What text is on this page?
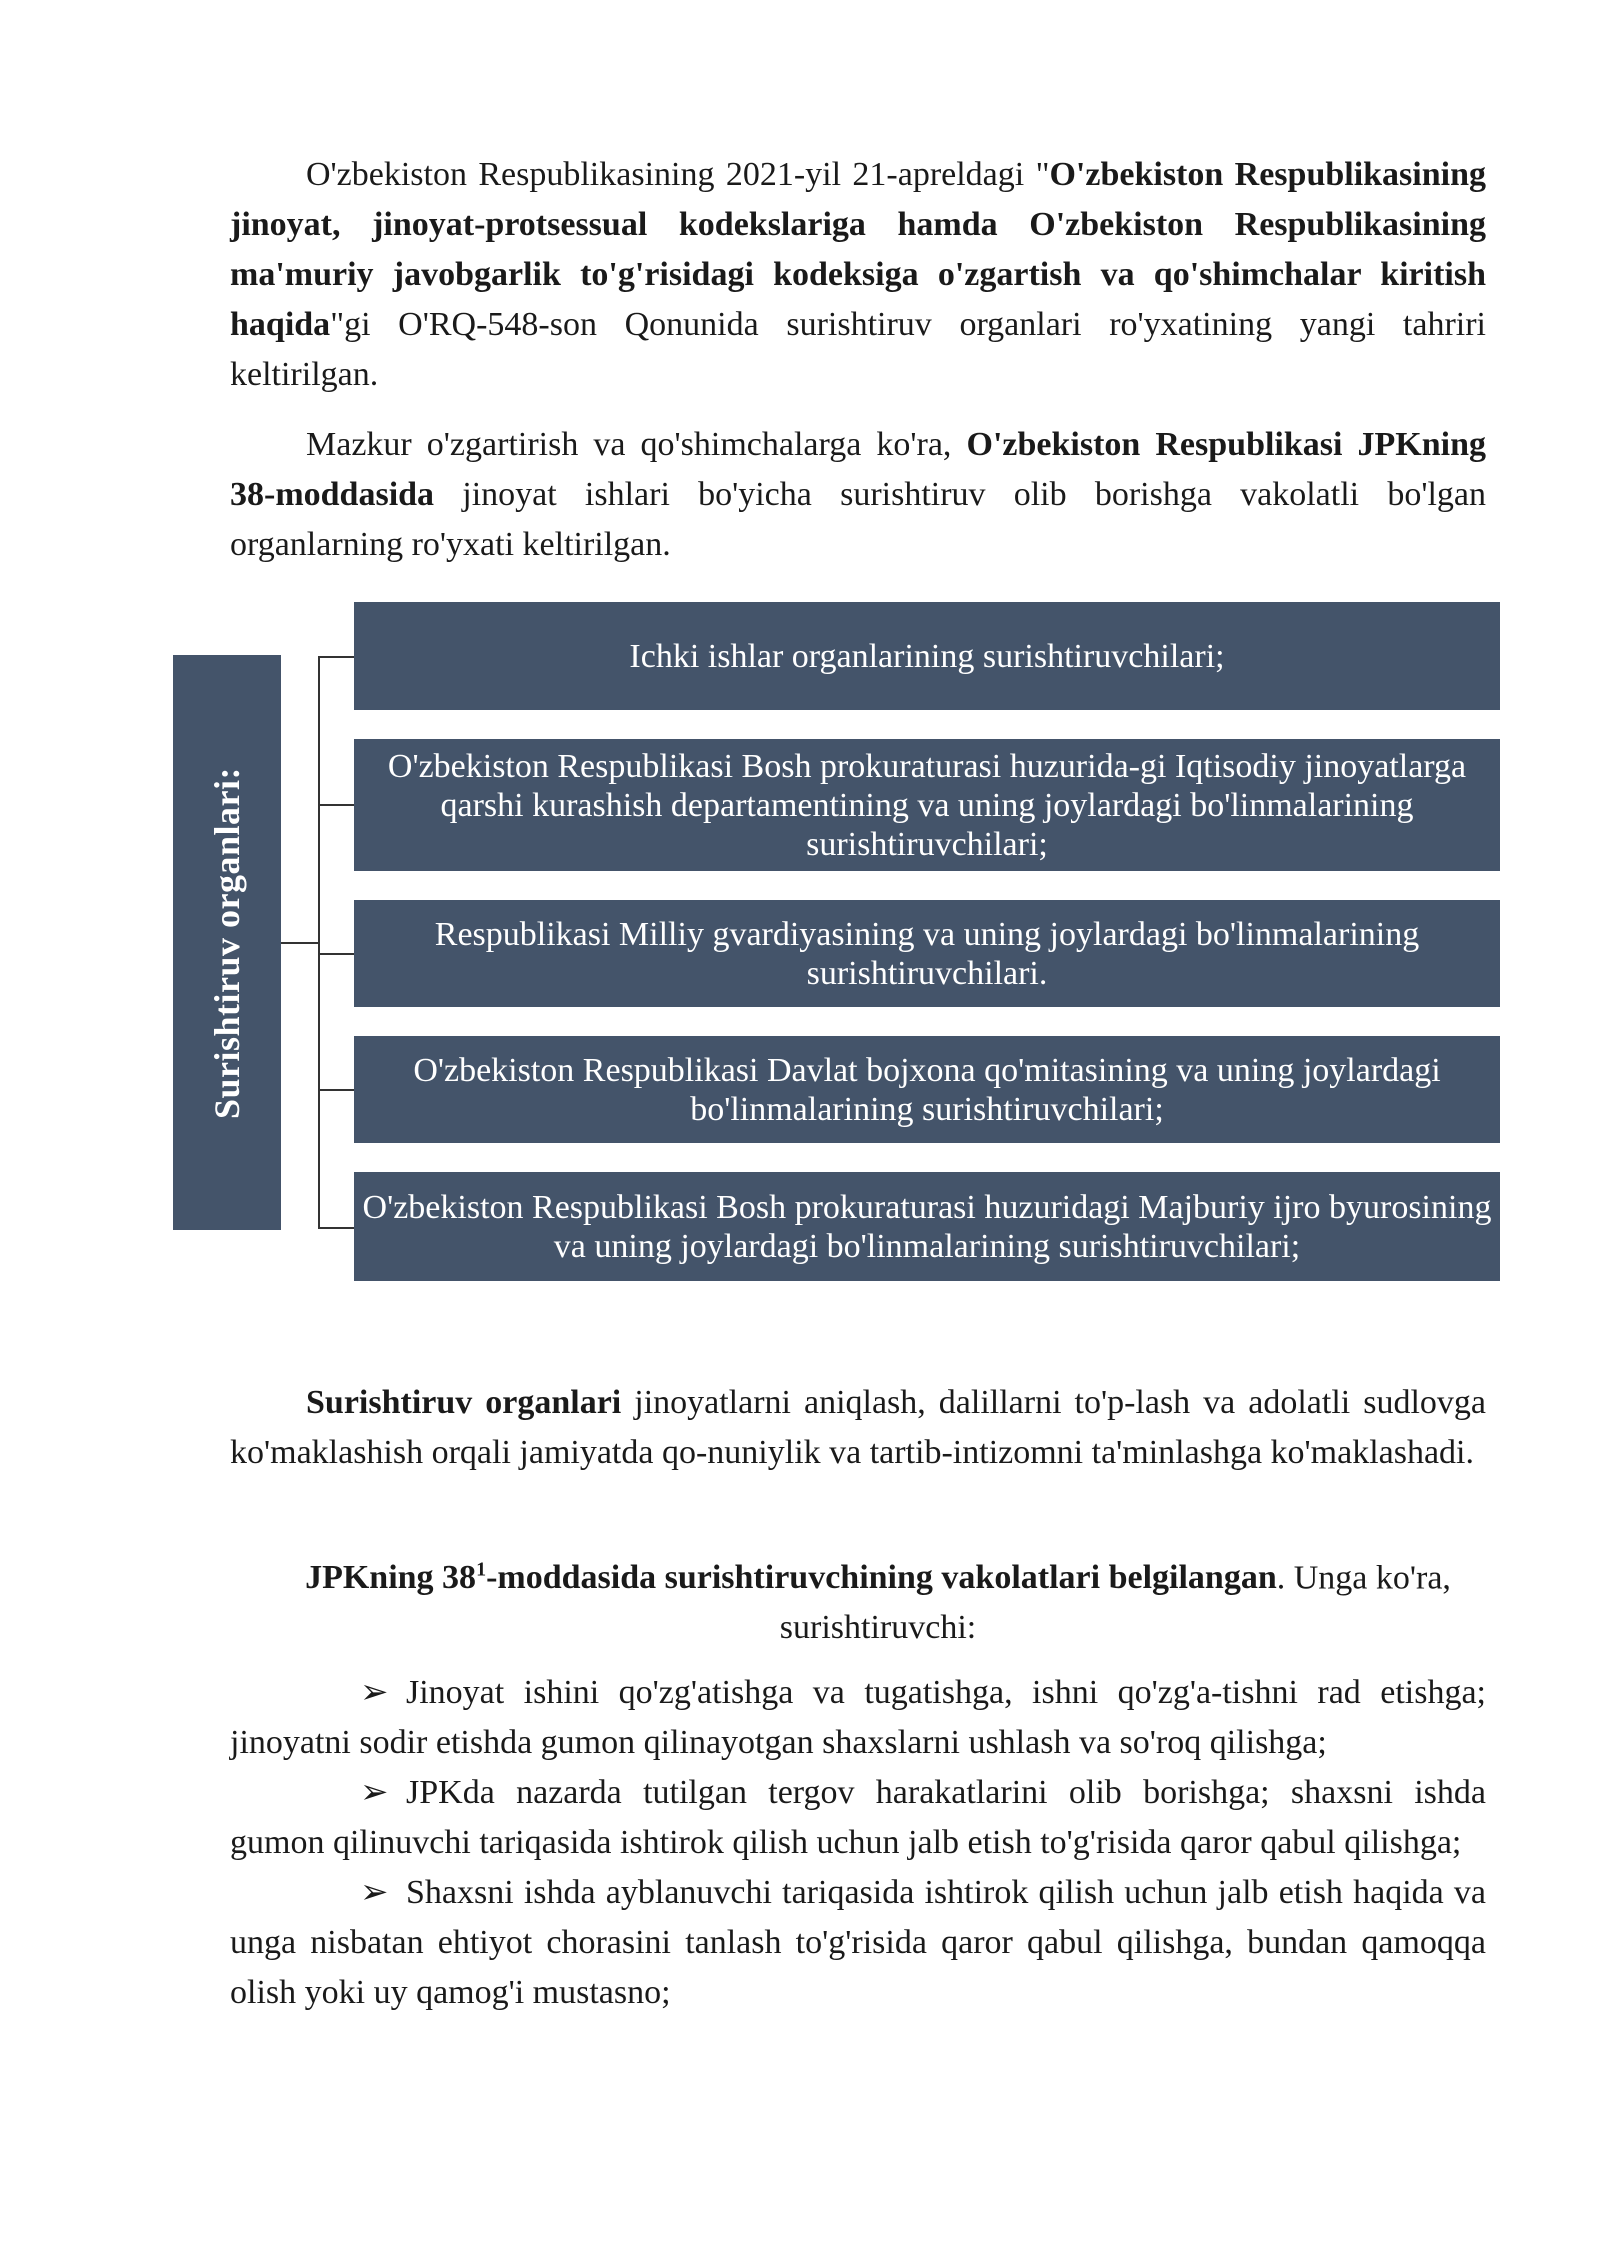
O'zbekiston Respublikasining 2021-yil 21-apreldagi "O'zbekiston Respublikasining jinoyat, jinoyat-protsessual kodekslariga hamda O'zbekiston Respublikasining ma'muriy javobgarlik to'g'risidagi kodeksiga o'zgartish va qo'shimchalar kiritish haqida"gi O'RQ-548-son Qonunida surishtiruv organlari ro'yxatining yangi tahriri keltirilgan.

Mazkur o'zgartirish va qo'shimchalarga ko'ra, O'zbekiston Respublikasi JPKning 38-moddasida jinoyat ishlari bo'yicha surishtiruv olib borishga vakolatli bo'lgan organlarning ro'yxati keltirilgan.

Surishtiruv organlari:
Ichki ishlar organlarining surishtiruvchilari;
O'zbekiston Respublikasi Bosh prokuraturasi huzurida-gi Iqtisodiy jinoyatlarga qarshi kurashish departamentining va uning joylardagi bo'linmalarining surishtiruvchilari;
Respublikasi Milliy gvardiyasining va uning joylardagi bo'linmalarining surishtiruvchilari.
O'zbekiston Respublikasi Davlat bojxona qo'mitasining va uning joylardagi bo'linmalarining surishtiruvchilari;
O'zbekiston Respublikasi Bosh prokuraturasi huzuridagi Majburiy ijro byurosining va uning joylardagi bo'linmalarining surishtiruvchilari;

Surishtiruv organlari jinoyatlarni aniqlash, dalillarni to'p-lash va adolatli sudlovga ko'maklashish orqali jamiyatda qo-nuniylik va tartib-intizomni ta'minlashga ko'maklashadi.

JPKning $38^1$-moddasida surishtiruvchining vakolatlari belgilangan. Unga ko'ra, surishtiruvchi:

➢ Jinoyat ishini qo'zg'atishga va tugatishga, ishni qo'zg'a-tishni rad etishga; jinoyatni sodir etishda gumon qilinayotgan shaxslarni ushlash va so'roq qilishga;

➢ JPKda nazarda tutilgan tergov harakatlarini olib borishga; shaxsni ishda gumon qilinuvchi tariqasida ishtirok qilish uchun jalb etish to'g'risida qaror qabul qilishga;

➢ Shaxsni ishda ayblanuvchi tariqasida ishtirok qilish uchun jalb etish haqida va unga nisbatan ehtiyot chorasini tanlash to'g'risida qaror qabul qilishga, bundan qamoqqa olish yoki uy qamog'i mustasno;
